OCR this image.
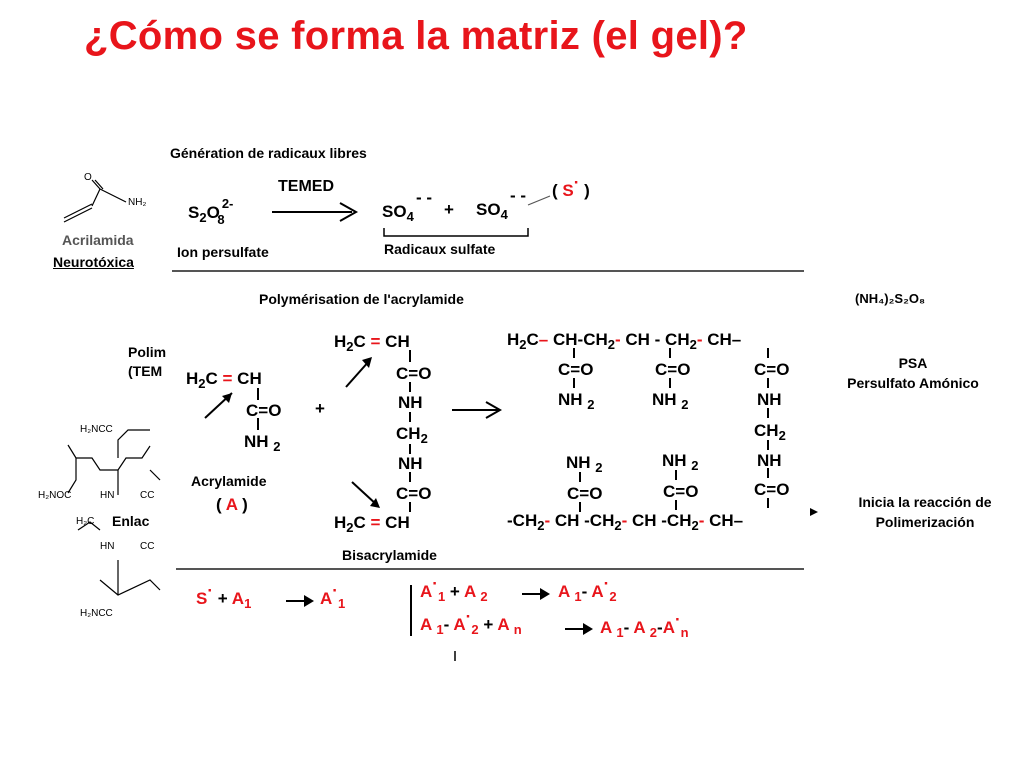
¿Cómo se forma la matriz (el gel)?
O
NH₂
Acrilamida
Neurotóxica
Polim
(TEM
Enlac
H₂NCC
H₂NOC	HN	CC
HN	CC
H₂C
H₂NCC
Génération de radicaux libres
$S_2O$ $^{2-}_8$
TEMED
$SO_4$
- -
+ $SO_4$
- - ( S· )
Ion persulfate	Radicaux sulfate
Polymérisation de l'acrylamide
$H_2C$ = CH
C=O
NH $_2$
+
Acrylamide
( A )
$H_2C$ = CH
C=O
NH
$CH_2$
NH
C=O
$H_2C$ = CH
Bisacrylamide
$H_2C-$ $CH-CH_2-$ CH - $CH_2-$ CH–
C=O
NH $_2$
C=O
NH $_2$
C=O
NH
$CH_2$
NH
C=O
NH $_2$
C=O
NH $_2$
C=O
$-CH_2-$ CH $-CH_2-$ CH $-CH_2-$ CH–
(NH₄)₂S₂O₈
PSA
Persulfato Amónico
Inicia la reacción de
Polimerización
$S\cdot + A_1$	$A\cdot_1$
$A\cdot_1 + A$ $_2$	A $_1$- $A\cdot_2$
A $_1$- $A\cdot_2 + A$ $_n$	A $_1$- A $_2-A\cdot_n$
